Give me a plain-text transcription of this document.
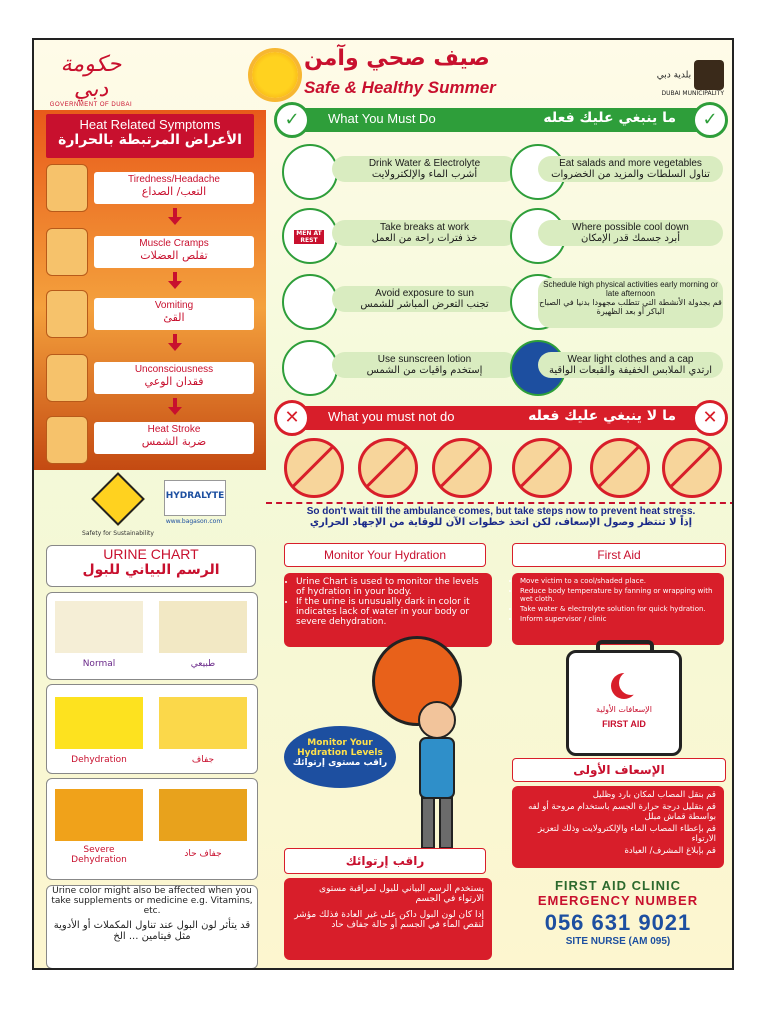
حكومة دبي
GOVERNMENT OF DUBAI
صيف صحي وآمن
Safe & Healthy Summer
بلدية دبي
DUBAI MUNICIPALITY
Heat Related Symptoms
الأعراض المرتبطة بالحرارة
Tiredness/Headache
التعب/ الصداع
Muscle Cramps
تقلص العضلات
Vomiting
القئ
Unconsciousness
فقدان الوعي
Heat Stroke
ضربة الشمس
Safety for Sustainability
HYDRALYTE
www.bagason.com
✓	What You Must Do	ما ينبغي عليك فعله	✓
Drink Water & Electrolyte
أشرب الماء والإلكترولايت
MEN AT REST
Take breaks at work
خذ فترات راحة من العمل
Avoid exposure to sun
تجنب التعرض المباشر للشمس
Use sunscreen lotion
إستخدم واقيات من الشمس
Eat salads and more vegetables
تناول السلطات والمزيد من الخضروات
Where possible cool down
أبرد جسمك قدر الإمكان
Schedule high physical activities early morning or late afternoon
قم بجدولة الأنشطة التي تتطلب مجهودا بدنيا في الصباح الباكر أو بعد الظهيرة
Wear light clothes and a cap
ارتدي الملابس الخفيفة والقبعات الواقية
✕	What you must not do	ما لا ينبغي عليك فعله	✕
So don't wait till the ambulance comes, but take steps now to prevent heat stress.
إذاً لا تنتظر وصول الإسعاف، لكن اتخذ خطوات الآن للوقاية من الإجهاد الحراري
URINE CHART
الرسم البياني للبول
Normal	طبيعي
Dehydration	جفاف
Severe Dehydration
جفاف حاد
Urine color might also be affected when you take supplements or medicine e.g. Vitamins, etc.
قد يتأثر لون البول عند تناول المكملات أو الأدوية مثل فيتامين ... الخ
Monitor Your Hydration
• Urine Chart is used to monitor the levels of hydration in your body.
• If the urine is unusually dark in color it indicates lack of water in your body or severe dehydration.
Monitor Your Hydration Levels
راقب مستوى إرتوائك
راقب إرتوائك

يستخدم الرسم البياني للبول لمراقبة مستوى الارتواء في الجسم

إذا كان لون البول داكن على غير العادة فذلك مؤشر لنقص الماء في الجسم أو حالة جفاف حاد

First Aid
• Move victim to a cool/shaded place.
• Reduce body temperature by fanning or wrapping with wet cloth.
• Take water & electrolyte solution for quick hydration.
• Inform supervisor / clinic
الإسعافات الأولية
FIRST AID
الإسعاف الأولى

قم بنقل المصاب لمكان بارد وظليل

قم بتقليل درجة حرارة الجسم باستخدام مروحة أو لفه بواسطة قماش مبلل

قم بإعطاء المصاب الماء والإلكترولايت وذلك لتعزيز الارتواء

قم بإبلاغ المشرف/ العيادة

FIRST AID CLINIC
EMERGENCY NUMBER
056 631 9021
SITE NURSE (AM 095)
